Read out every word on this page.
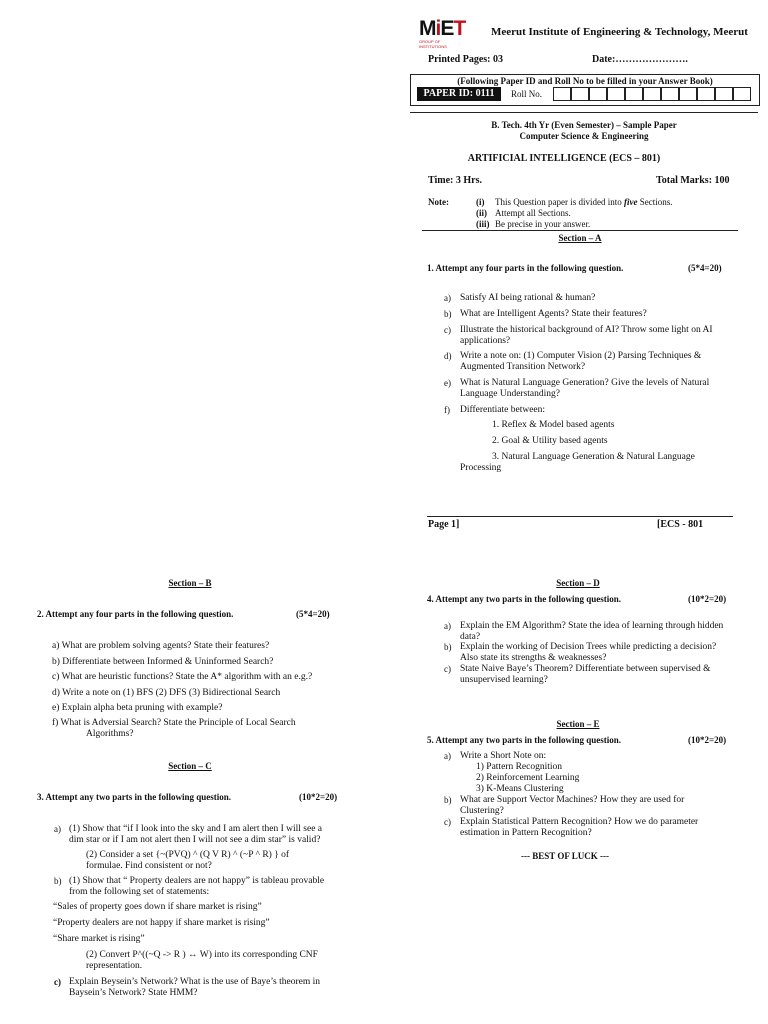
MiET
GROUP OF INSTITUTIONS
Meerut Institute of Engineering & Technology, Meerut
Printed Pages: 03	Date:………………….
(Following Paper ID and Roll No to be filled in your Answer Book)
PAPER ID: 0111	Roll No.
B. Tech. 4th Yr (Even Semester) – Sample Paper
Computer Science & Engineering
ARTIFICIAL INTELLIGENCE (ECS – 801)
Time: 3 Hrs.	Total Marks: 100
Note:	(i) This Question paper is divided into five Sections.
(ii) Attempt all Sections.
(iii) Be precise in your answer.
Section – A
1. Attempt any four parts in the following question.	(5*4=20)
a) Satisfy AI being rational & human?
b) What are Intelligent Agents? State their features?
c) Illustrate the historical background of AI? Throw some light on AI applications?
d) Write a note on: (1) Computer Vision (2) Parsing Techniques & Augmented Transition Network?
e) What is Natural Language Generation? Give the levels of Natural Language Understanding?
f) Differentiate between:
1. Reflex & Model based agents
2. Goal & Utility based agents
3. Natural Language Generation & Natural Language
Processing
Page 1]	[ECS - 801
Section – B
2. Attempt any four parts in the following question.	(5*4=20)
a) What are problem solving agents? State their features?
b) Differentiate between Informed & Uninformed Search?
c) What are heuristic functions? State the A* algorithm with an e.g.?
d) Write a note on (1) BFS (2) DFS (3) Bidirectional Search
e) Explain alpha beta pruning with example?
f) What is Adversial Search? State the Principle of Local Search
Algorithms?
Section – C
3. Attempt any two parts in the following question.	(10*2=20)
a) (1) Show that “if I look into the sky and I am alert then I will see a dim star or if I am not alert then I will not see a dim star” is valid?
(2) Consider a set {~(PVQ) ^ (Q V R) ^ (~P ^ R) } of formulae. Find consistent or not?
b) (1) Show that “ Property dealers are not happy” is tableau provable from the following set of statements:
“Sales of property goes down if share market is rising”
“Property dealers are not happy if share market is rising”
“Share market is rising”
(2) Convert P^((~Q -> R ) ↔ W) into its corresponding CNF representation.
c) Explain Beysein’s Network? What is the use of Baye’s theorem in Baysein’s Network? State HMM?
Section – D
4. Attempt any two parts in the following question.	(10*2=20)
a) Explain the EM Algorithm? State the idea of learning through hidden data?
b) Explain the working of Decision Trees while predicting a decision? Also state its strengths & weaknesses?
c) State Naive Baye’s Theorem? Differentiate between supervised & unsupervised learning?
Section – E
5. Attempt any two parts in the following question.	(10*2=20)
a) Write a Short Note on:
1) Pattern Recognition
2) Reinforcement Learning
3) K-Means Clustering
b) What are Support Vector Machines? How they are used for Clustering?
c) Explain Statistical Pattern Recognition? How we do parameter estimation in Pattern Recognition?
--- BEST OF LUCK ---
